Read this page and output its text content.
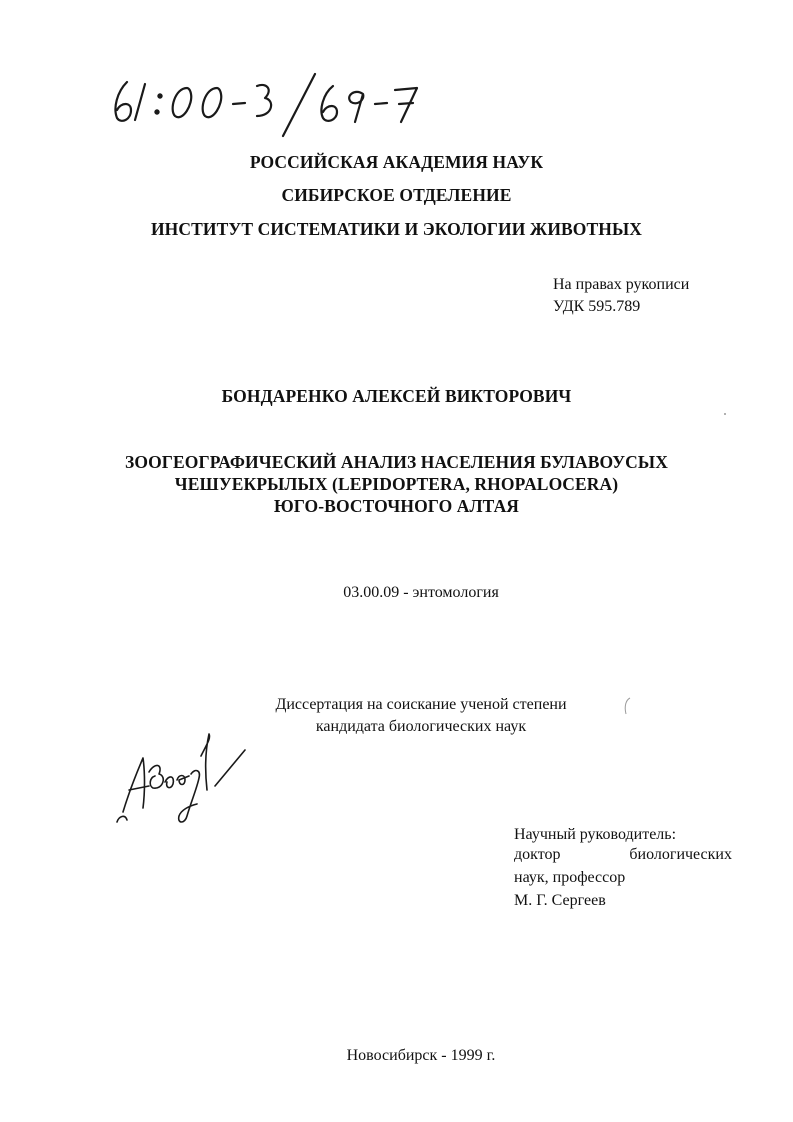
РОССИЙСКАЯ АКАДЕМИЯ НАУК
СИБИРСКОЕ ОТДЕЛЕНИЕ
ИНСТИТУТ СИСТЕМАТИКИ И ЭКОЛОГИИ ЖИВОТНЫХ
На правах рукописи
УДК 595.789
БОНДАРЕНКО АЛЕКСЕЙ ВИКТОРОВИЧ
ЗООГЕОГРАФИЧЕСКИЙ АНАЛИЗ НАСЕЛЕНИЯ БУЛАВОУСЫХ
ЧЕШУЕКРЫЛЫХ (LEPIDOPTERA, RHOPALOCERA)
ЮГО-ВОСТОЧНОГО АЛТАЯ
03.00.09 - энтомология
Диссертация на соискание ученой степени
кандидата биологических наук
Научный руководитель:
доктор	биологических
наук, профессор
М. Г. Сергеев
Новосибирск - 1999 г.
